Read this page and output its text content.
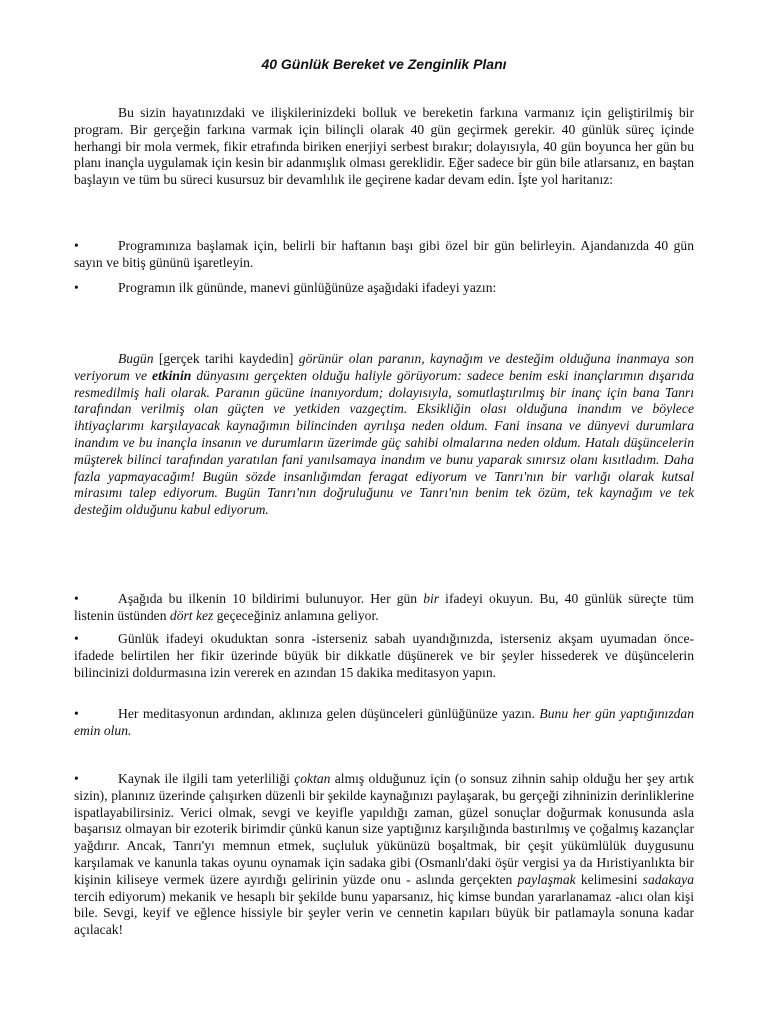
40 Günlük Bereket ve Zenginlik Planı

Bu sizin hayatınızdaki ve ilişkilerinizdeki bolluk ve bereketin farkına varmanız için geliştirilmiş bir program. Bir gerçeğin farkına varmak için bilinçli olarak 40 gün geçirmek gerekir. 40 günlük süreç içinde herhangi bir mola vermek, fikir etrafında biriken enerjiyi serbest bırakır; dolayısıyla, 40 gün boyunca her gün bu planı inançla uygulamak için kesin bir adanmışlık olması gereklidir. Eğer sadece bir gün bile atlarsanız, en baştan başlayın ve tüm bu süreci kusursuz bir devamlılık ile geçirene kadar devam edin. İşte yol haritanız:

•	Programınıza başlamak için, belirli bir haftanın başı gibi özel bir gün belirleyin. Ajandanızda 40 gün sayın ve bitiş gününü işaretleyin.
•	Programın ilk gününde, manevi günlüğünüze aşağıdaki ifadeyi yazın:

Bugün [gerçek tarihi kaydedin] görünür olan paranın, kaynağım ve desteğim olduğuna inanmaya son veriyorum ve etkinin dünyasını gerçekten olduğu haliyle görüyorum: sadece benim eski inançlarımın dışarıda resmedilmiş hali olarak. Paranın gücüne inanıyordum; dolayısıyla, somutlaştırılmış bir inanç için bana Tanrı tarafından verilmiş olan güçten ve yetkiden vazgeçtim. Eksikliğin olası olduğuna inandım ve böylece ihtiyaçlarımı karşılayacak kaynağımın bilincinden ayrılışa neden oldum. Fani insana ve dünyevi durumlara inandım ve bu inançla insanın ve durumların üzerimde güç sahibi olmalarına neden oldum. Hatalı düşüncelerin müşterek bilinci tarafından yaratılan fani yanılsamaya inandım ve bunu yaparak sınırsız olanı kısıtladım. Daha fazla yapmayacağım! Bugün sözde insanlığımdan feragat ediyorum ve Tanrı'nın bir varlığı olarak kutsal mirasımı talep ediyorum. Bugün Tanrı'nın doğruluğunu ve Tanrı'nın benim tek özüm, tek kaynağım ve tek desteğim olduğunu kabul ediyorum.

•	Aşağıda bu ilkenin 10 bildirimi bulunuyor. Her gün bir ifadeyi okuyun. Bu, 40 günlük süreçte tüm listenin üstünden dört kez geçeceğiniz anlamına geliyor.
•	Günlük ifadeyi okuduktan sonra -isterseniz sabah uyandığınızda, isterseniz akşam uyumadan önce- ifadede belirtilen her fikir üzerinde büyük bir dikkatle düşünerek ve bir şeyler hissederek ve düşüncelerin bilincinizi doldurmasına izin vererek en azından 15 dakika meditasyon yapın.
•	Her meditasyonun ardından, aklınıza gelen düşünceleri günlüğünüze yazın. Bunu her gün yaptığınızdan emin olun.
•	Kaynak ile ilgili tam yeterliliği çoktan almış olduğunuz için (o sonsuz zihnin sahip olduğu her şey artık sizin), planınız üzerinde çalışırken düzenli bir şekilde kaynağınızı paylaşarak, bu gerçeği zihninizin derinliklerine ispatlayabilirsiniz. Verici olmak, sevgi ve keyifle yapıldığı zaman, güzel sonuçlar doğurmak konusunda asla başarısız olmayan bir ezoterik birimdir çünkü kanun size yaptığınız karşılığında bastırılmış ve çoğalmış kazançlar yağdırır. Ancak, Tanrı'yı memnun etmek, suçluluk yükünüzü boşaltmak, bir çeşit yükümlülük duygusunu karşılamak ve kanunla takas oyunu oynamak için sadaka gibi (Osmanlı'daki öşür vergisi ya da Hıristiyanlıkta bir kişinin kiliseye vermek üzere ayırdığı gelirinin yüzde onu - aslında gerçekten paylaşmak kelimesini sadakaya tercih ediyorum) mekanik ve hesaplı bir şekilde bunu yaparsanız, hiç kimse bundan yararlanamaz -alıcı olan kişi bile. Sevgi, keyif ve eğlence hissiyle bir şeyler verin ve cennetin kapıları büyük bir patlamayla sonuna kadar açılacak!
